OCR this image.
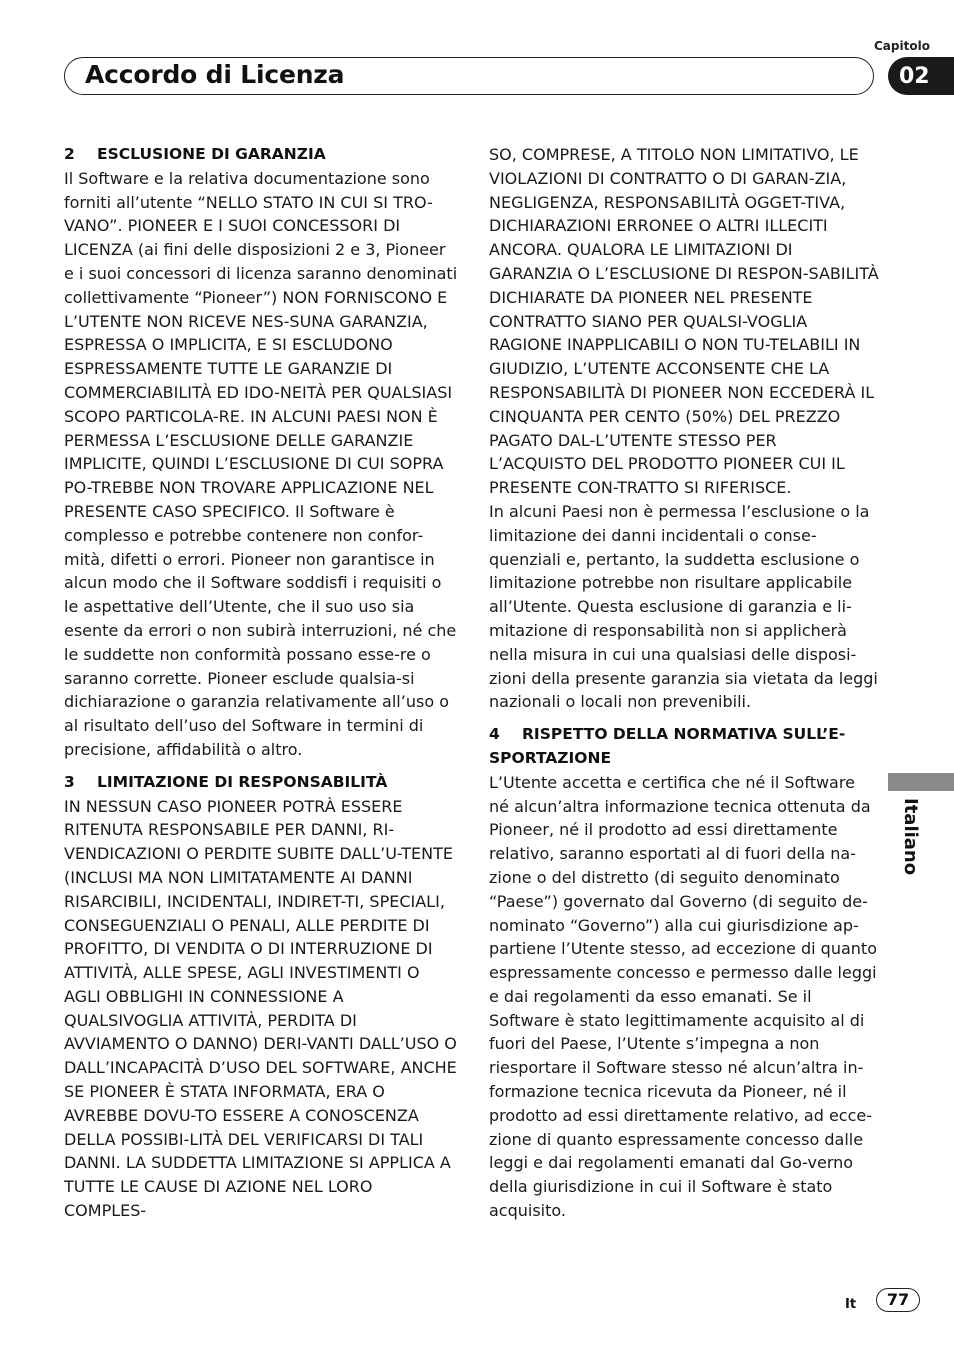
Capitolo
Accordo di Licenza	02
2	ESCLUSIONE DI GARANZIA

Il Software e la relativa documentazione sono forniti all’utente “NELLO STATO IN CUI SI TRO-VANO”. PIONEER E I SUOI CONCESSORI DI LICENZA (ai fini delle disposizioni 2 e 3, Pioneer e i suoi concessori di licenza saranno denominati collettivamente “Pioneer”) NON FORNISCONO E L’UTENTE NON RICEVE NES-SUNA GARANZIA, ESPRESSA O IMPLICITA, E SI ESCLUDONO ESPRESSAMENTE TUTTE LE GARANZIE DI COMMERCIABILITÀ ED IDO-NEITÀ PER QUALSIASI SCOPO PARTICOLA-RE. IN ALCUNI PAESI NON È PERMESSA L’ESCLUSIONE DELLE GARANZIE IMPLICITE, QUINDI L’ESCLUSIONE DI CUI SOPRA PO-TREBBE NON TROVARE APPLICAZIONE NEL PRESENTE CASO SPECIFICO. Il Software è complesso e potrebbe contenere non confor-mità, difetti o errori. Pioneer non garantisce in alcun modo che il Software soddisfi i requisiti o le aspettative dell’Utente, che il suo uso sia esente da errori o non subirà interruzioni, né che le suddette non conformità possano esse-re o saranno corrette. Pioneer esclude qualsia-si dichiarazione o garanzia relativamente all’uso o al risultato dell’uso del Software in termini di precisione, affidabilità o altro.

3	LIMITAZIONE DI RESPONSABILITÀ

IN NESSUN CASO PIONEER POTRÀ ESSERE RITENUTA RESPONSABILE PER DANNI, RI-VENDICAZIONI O PERDITE SUBITE DALL’U-TENTE (INCLUSI MA NON LIMITATAMENTE AI DANNI RISARCIBILI, INCIDENTALI, INDIRET-TI, SPECIALI, CONSEGUENZIALI O PENALI, ALLE PERDITE DI PROFITTO, DI VENDITA O DI INTERRUZIONE DI ATTIVITÀ, ALLE SPESE, AGLI INVESTIMENTI O AGLI OBBLIGHI IN CONNESSIONE A QUALSIVOGLIA ATTIVITÀ, PERDITA DI AVVIAMENTO O DANNO) DERI-VANTI DALL’USO O DALL’INCAPACITÀ D’USO DEL SOFTWARE, ANCHE SE PIONEER È STATA INFORMATA, ERA O AVREBBE DOVU-TO ESSERE A CONOSCENZA DELLA POSSIBI-LITÀ DEL VERIFICARSI DI TALI DANNI. LA SUDDETTA LIMITAZIONE SI APPLICA A TUTTE LE CAUSE DI AZIONE NEL LORO COMPLES-

SO, COMPRESE, A TITOLO NON LIMITATIVO, LE VIOLAZIONI DI CONTRATTO O DI GARAN-ZIA, NEGLIGENZA, RESPONSABILITÀ OGGET-TIVA, DICHIARAZIONI ERRONEE O ALTRI ILLECITI ANCORA. QUALORA LE LIMITAZIONI DI GARANZIA O L’ESCLUSIONE DI RESPON-SABILITÀ DICHIARATE DA PIONEER NEL PRESENTE CONTRATTO SIANO PER QUALSI-VOGLIA RAGIONE INAPPLICABILI O NON TU-TELABILI IN GIUDIZIO, L’UTENTE ACCONSENTE CHE LA RESPONSABILITÀ DI PIONEER NON ECCEDERÀ IL CINQUANTA PER CENTO (50%) DEL PREZZO PAGATO DAL-L’UTENTE STESSO PER L’ACQUISTO DEL PRODOTTO PIONEER CUI IL PRESENTE CON-TRATTO SI RIFERISCE.

In alcuni Paesi non è permessa l’esclusione o la limitazione dei danni incidentali o conse-quenziali e, pertanto, la suddetta esclusione o limitazione potrebbe non risultare applicabile all’Utente. Questa esclusione di garanzia e li-mitazione di responsabilità non si applicherà nella misura in cui una qualsiasi delle disposi-zioni della presente garanzia sia vietata da leggi nazionali o locali non prevenibili.

4	RISPETTO DELLA NORMATIVA SULL’E-
SPORTAZIONE

L’Utente accetta e certifica che né il Software né alcun’altra informazione tecnica ottenuta da Pioneer, né il prodotto ad essi direttamente relativo, saranno esportati al di fuori della na-zione o del distretto (di seguito denominato “Paese”) governato dal Governo (di seguito de-nominato “Governo”) alla cui giurisdizione ap-partiene l’Utente stesso, ad eccezione di quanto espressamente concesso e permesso dalle leggi e dai regolamenti da esso emanati. Se il Software è stato legittimamente acquisito al di fuori del Paese, l’Utente s’impegna a non riesportare il Software stesso né alcun’altra in-formazione tecnica ricevuta da Pioneer, né il prodotto ad essi direttamente relativo, ad ecce-zione di quanto espressamente concesso dalle leggi e dai regolamenti emanati dal Go-verno della giurisdizione in cui il Software è stato acquisito.

Italiano
It	77
